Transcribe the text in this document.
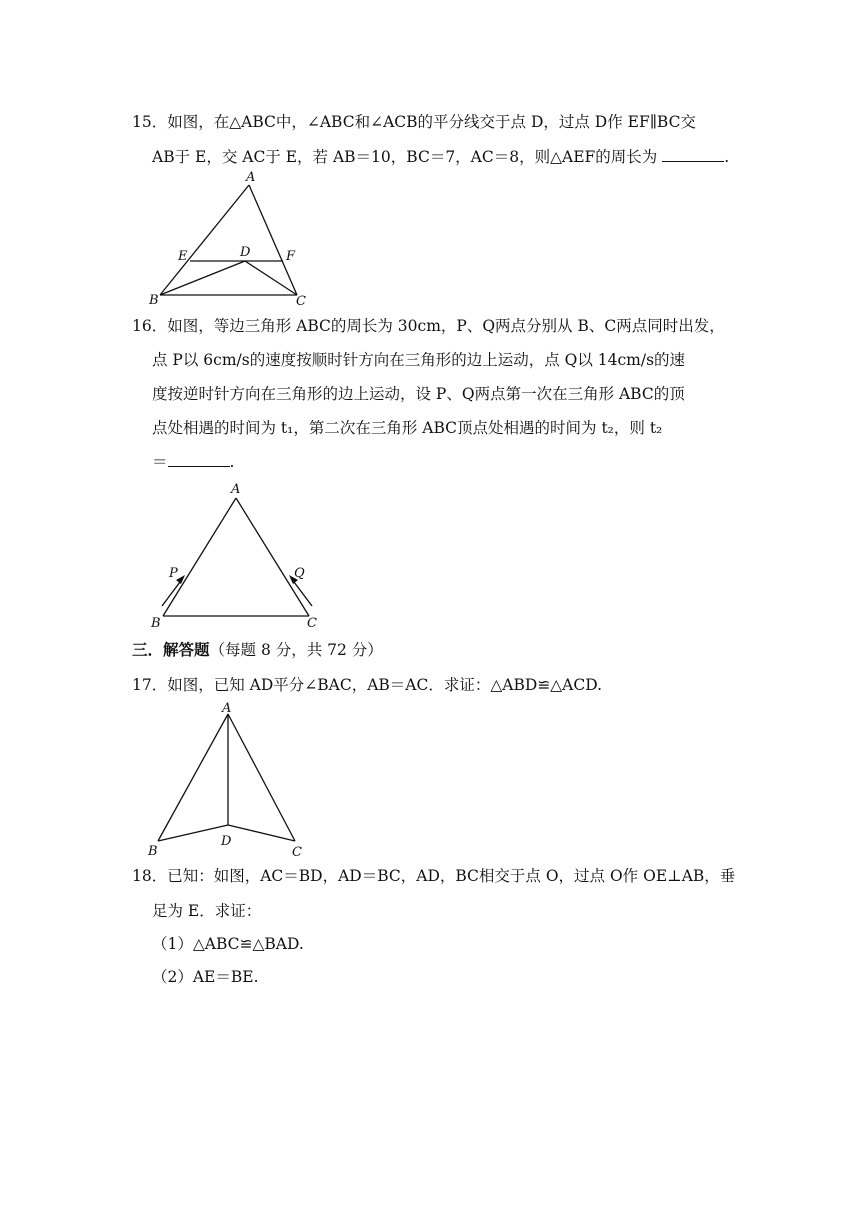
15．如图，在△ABC中，∠ABC和∠ACB的平分线交于点 D，过点 D作 EF∥BC交
AB于 E，交 AC于 E，若 AB＝10，BC＝7，AC＝8，则△AEF的周长为	.
A
B	C
D
E	F
16．如图，等边三角形 ABC的周长为 30cm，P、Q两点分别从 B、C两点同时出发，
点 P以 6cm/s的速度按顺时针方向在三角形的边上运动，点 Q以 14cm/s的速
度按逆时针方向在三角形的边上运动，设 P、Q两点第一次在三角形 ABC的顶
点处相遇的时间为 t₁，第二次在三角形 ABC顶点处相遇的时间为 t₂，则 t₂
＝	.
A
B	C
P	Q
三．解答题（每题 8 分，共 72 分）
17．如图，已知 AD平分∠BAC，AB＝AC．求证：△ABD≌△ACD.
A
B	C
D
18．已知：如图，AC＝BD，AD＝BC，AD，BC相交于点 O，过点 O作 OE⊥AB，垂
足为 E．求证：
（1）△ABC≌△BAD.
（2）AE＝BE.
